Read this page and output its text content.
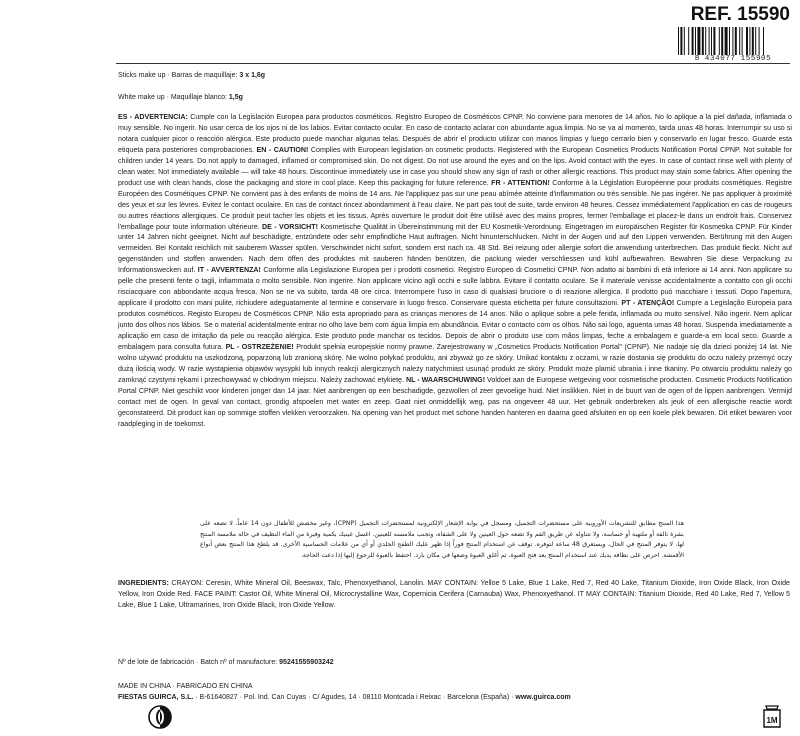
REF. 15590
8 434077 155905
Sticks make up · Barras de maquillaje: 3 x 1,6g
White make up · Maquillaje blanco: 1,5g

ES - ADVERTENCIA: Cumple con la Legislación Europea para productos cosméticos. Registro Europeo de Cosméticos CPNP. No conviene para menores de 14 años. No lo aplique a la piel dañada, inflamada o muy sensible. No ingerir. No usar cerca de los ojos ni de los labios. Evitar contacto ocular. En caso de contacto aclarar con abundante agua limpia. No se va al momento, tarda unas 48 horas. Interrumpir su uso si notara cualquier picor o reacción alérgica. Este producto puede manchar algunas telas. Después de abrir el producto utilizar con manos limpias y luego cerrarlo bien y conservarlo en lugar fresco. Guarde esta etiqueta para posteriores comprobaciones. EN - CAUTION! Complies with European legislation on cosmetic products. Registered with the European Cosmetics Products Notification Portal CPNP. Not suitable for children under 14 years. Do not apply to damaged, inflamed or compromised skin. Do not digest. Do not use around the eyes and on the lips. Avoid contact with the eyes. In case of contact rinse well with plenty of clean water. Not immediately available — will take 48 hours. Discontinue immediately use in case you should show any sign of rash or other allergic reactions. This product may stain some fabrics. After opening the product use with clean hands, close the packaging and store in cool place. Keep this packaging for future reference. FR - ATTENTION! Conforme à la Législation Européenne pour produits cosmétiques. Registre Européen des Cosmétiques CPNP. Ne convient pas à des enfants de moins de 14 ans. Ne l'appliquez pas sur une peau abîmée atteinte d'inflammation ou très sensible. Ne pas ingérer. Ne pas appliquer à proximité des yeux et sur les lèvres. Evitez le contact oculaire. En cas de contact rincez abondamment à l'eau claire. Ne part pas tout de suite, tarde environ 48 heures. Cessez immédiatement l'application en cas de rougeurs ou autres réactions allergiques. Ce produit peut tacher les objets et les tissus. Après ouverture le produit doit être utilisé avec des mains propres, fermer l'emballage et placez-le dans un endroit frais. Conservez l'emballage pour toute information ultérieure. DE - VORSICHT! Kosmetische Qualität in Übereinstimmung mit der EU Kosmetik-Verordnung. Eingetragen im europäischen Register für Kosmetika CPNP. Für Kinder unter 14 Jahren nicht geeignet. Nicht auf beschädigte, entzündete oder sehr empfindliche Haut auftragen. Nicht hinunterschlucken. Nicht in der Augen und auf den Lippen verwenden. Berührung mit den Augen vermeiden. Bei Kontakt reichlich mit sauberem Wasser spülen. Verschwindet nicht sofort, sondern erst nach ca. 48 Std. Bei reizung oder allergie sofort die anwendung unterbrechen. Das produkt fleckt. Nicht auf gegenständen und stoffen anwenden. Nach dem öffen des produktes mit sauberen händen benützen, die packung wieder verschliessen und kühl aufbewahren. Bewahren Sie diese Verpackung zu Informationswecken auf. IT - AVVERTENZA! Conforme alla Legislazione Europea per i prodotti cosmetici. Registro Europeo di Cosmetici CPNP. Non adatto ai bambini di età inferiore ai 14 anni. Non applicare su pelle che presenti ferite o tagli, infiammata o molto sensibile. Non ingerire. Non applicare vicino agli occhi e sulle labbra. Evitare il contatto oculare. Se il materiale venisse accidentalmente a contatto con gli occhi risciacquare con abbondante acqua fresca. Non se ne va subito, tarda 48 ore circa. Interrompere l'uso in caso di qualsiasi bruciore o di reazione allergica. Il prodotto può macchiare i tessuti. Dopo l'apertura, applicare il prodotto con mani pulite, richiudere adeguatamente al termine e conservare in luogo fresco. Conservare questa etichetta per future consultazioni. PT - ATENÇÃO! Cumpre a Legislação Europeia para produtos cosméticos. Registo Europeu de Cosméticos CPNP. Não esta apropriado para as crianças menores de 14 anos. Não o aplique sobre a pele ferida, inflamada ou muito sensível. Não ingerir. Nem aplicar junto dos olhos nos lábios. Se o material acidentalmente entrar no olho lave bem com água limpia em abundância. Evitar o contacto com os olhos. Não sai logo, aguenta umas 48 horas. Suspenda imediatamente a aplicação em caso de irritação da pele ou reacção alérgica. Este produto pode manchar os tecidos. Depois de abrir o produto use com mãos limpas, feche a embalagem e guarde-a em local seco. Guarde a embalagem para consulta futura. PL - OSTRZEŻENIE! Produkt spełnia europejskie normy prawne. Zarejestrowany w „Cosmetics Products Notification Portal" (CPNP). Nie nadaje się dla dzieci poniżej 14 lat. Nie wolno używać produktu na uszkodzoną, poparzoną lub zranioną skórę. Nie wolno połykać produktu, ani zbyważ go ze skóry. Unikać kontaktu z oczami, w razie dostania się produktu do oczu należy przemyć oczy dużą ilością wody. W razie wystąpienia objawów wysypki lub innych reakcji alergicznych należy natychmiast usunąć produkt ze skóry. Produkt może plamić ubrania i inne tkaniny. Po otwarciu produktu należy go zamknąć czystymi rękami i przechowywać w chłodnym miejscu. Należy zachować etykietę. NL - WAARSCHUWING! Voldoet aan de Europese wetgeving voor cosmetische producten. Cosmetic Products Notification Portal CPNP. Niet geschikt voor kinderen jonger dan 14 jaar. Niet aanbrengen op een beschadigde, gezwollen of zeer gevoelige huid. Niet inslikken. Niet in de buurt van de ogen of de lippen aanbrengen. Vermijd contact met de ogen. In geval van contact, grondig afspoelen met water en zeep. Gaat niet onmiddellijk weg, pas na ongeveer 48 uur. Het gebruik onderbreken als jeuk of een allergische reactie wordt geconstateerd. Dit product kan op sommige stoffen vlekken veroorzaken. Na opening van het product met schone handen hanteren en daarna goed afsluiten en op een koele plek bewaren. Dit etiket bewaren voor raadpleging in de toekomst.

هذا المنتج مطابق للتشريعات الأوروبية على مستحضرات التجميل، ومسجل في بوابة الإشعار الإلكترونية لمستحضرات التجميل (CPNP)، وغير مخصص للأطفال دون 14 عاماً. لا تضعه على بشرة تالفة أو ملتهبة أو حساسة، ولا تتناوله عن طريق الفم ولا تضعه حول العينين ولا على الشفاه، وتجنب ملامسته للعينين. اغسل عينيك بكمية وفيرة من الماء النظيف في حالة ملامسة المنتج لها. لا يتوفر المنتج في الحال، ويستغرق 48 ساعة لتوفره. توقف عن استخدام المنتج فوراً إذا ظهر عليك الطفح الجلدي أو أي من علامات الحساسية الأخرى. قد يلطخ هذا المنتج بعض أنواع الأقمشة. احرص على نظافة يديك عند استخدام المنتج بعد فتح العبوة، ثم أغلق العبوة وضعها في مكان بارد. احتفظ بالعبوة للرجوع إليها إذا دعت الحاجة.

INGREDIENTS: CRAYON: Ceresin, White Mineral Oil, Beeswax, Talc, Phenoxyethanol, Lanolin. MAY CONTAIN: Yelloe 5 Lake, Blue 1 Lake, Red 7, Red 40 Lake, Titanium Dioxide, Iron Oxide Black, Iron Oxide Yellow, Iron Oxide Red. FACE PAINT: Castor Oil, White Mineral Oil, Microcrystalline Wax, Copernicia Cerifera (Carnauba) Wax, Phenoxyethanol. IT MAY CONTAIN: Titanium Dioxide, Red 40 Lake, Red 7, Yellow 5 Lake, Blue 1 Lake, Ultramarines, Iron Oxide Black, Iron Oxide Yellow.

Nº de lote de fabricación · Batch nº of manufacture: 95241555903242
MADE IN CHINA · FABRICADO EN CHINA
FIESTAS GUIRCA, S.L. · B-61640827 · Pol. Ind. Can Cuyas · C/ Agudes, 14 · 08110 Montcada i Reixac · Barcelona (España) · www.guirca.com
1M
